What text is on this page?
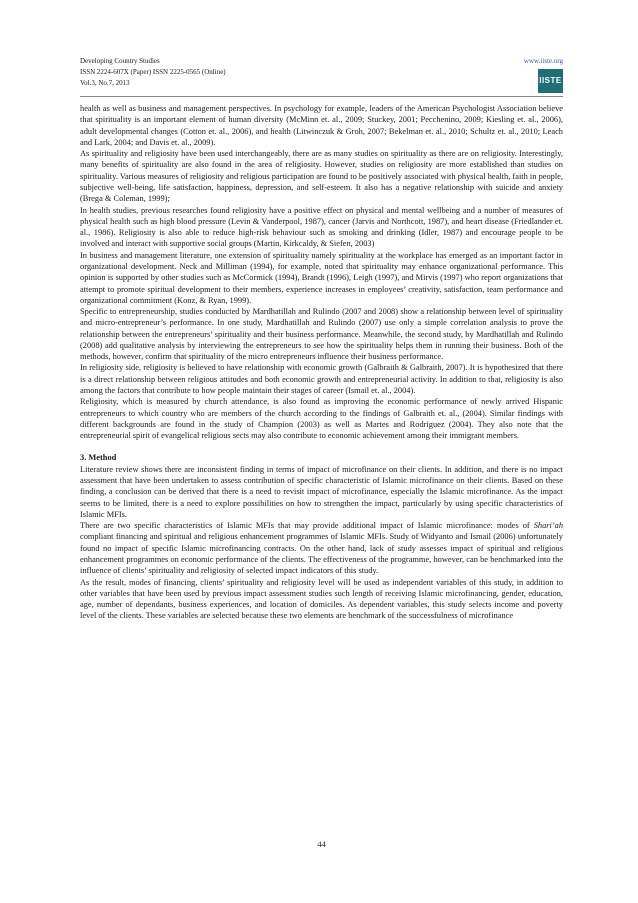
Developing Country Studies
ISSN 2224-607X (Paper) ISSN 2225-0565 (Online)
Vol.3, No.7, 2013
www.iiste.org
IISTE

health as well as business and management perspectives. In psychology for example, leaders of the American Psychologist Association believe that spirituality is an important element of human diversity (McMinn et. al., 2009; Stuckey, 2001; Pecchenino, 2009; Kiesling et. al., 2006), adult developmental changes (Cotton et. al., 2006), and health (Litwinczuk & Groh, 2007; Bekelman et. al., 2010; Schultz et. al., 2010; Leach and Lark, 2004; and Davis et. al., 2009).

As spirituality and religiosity have been used interchangeably, there are as many studies on spirituality as there are on religiosity. Interestingly, many benefits of spirituality are also found in the area of religiosity. However, studies on religiosity are more established than studies on spirituality. Various measures of religiosity and religious participation are found to be positively associated with physical health, faith in people, subjective well-being, life satisfaction, happiness, depression, and self-esteem. It also has a negative relationship with suicide and anxiety (Brega & Coleman, 1999);

In health studies, previous researches found religiosity have a positive effect on physical and mental wellbeing and a number of measures of physical health such as high blood pressure (Levin & Vanderpool, 1987), cancer (Jarvis and Northcott, 1987), and heart disease (Friedlander et. al., 1986). Religiosity is also able to reduce high-risk behaviour such as smoking and drinking (Idler, 1987) and encourage people to be involved and interact with supportive social groups (Martin, Kirkcaldy, & Siefen, 2003)

In business and management literature, one extension of spirituality namely spirituality at the workplace has emerged as an important factor in organizational development. Neck and Milliman (1994), for example, noted that spirituality may enhance organizational performance. This opinion is supported by other studies such as McCormick (1994), Brandt (1996), Leigh (1997), and Mirvis (1997) who report organizations that attempt to promote spiritual development to their members, experience increases in employees’ creativity, satisfaction, team performance and organizational commitment (Konz, & Ryan, 1999).

Specific to entrepreneurship, studies conducted by Mardhatillah and Rulindo (2007 and 2008) show a relationship between level of spirituality and micro-entrepreneur’s performance. In one study, Mardhatillah and Rulindo (2007) use only a simple correlation analysis to prove the relationship between the entrepreneurs’ spirituality and their business performance. Meanwhile, the second study, by Mardhatillah and Rulindo (2008) add qualitative analysis by interviewing the entrepreneurs to see how the spirituality helps them in running their business. Both of the methods, however, confirm that spirituality of the micro entrepreneurs influence their business performance.

In religiosity side, religiosity is believed to have relationship with economic growth (Galbraith & Galbraith, 2007). It is hypothesized that there is a direct relationship between religious attitudes and both economic growth and entrepreneurial activity. In addition to that, religiosity is also among the factors that contribute to how people maintain their stages of career (Ismail et. al., 2004).

Religiosity, which is measured by church attendance, is also found as improving the economic performance of newly arrived Hispanic entrepreneurs to which country who are members of the church according to the findings of Galbraith et. al., (2004). Similar findings with different backgrounds are found in the study of Champion (2003) as well as Martes and Rodriguez (2004). They also note that the entrepreneurial spirit of evangelical religious sects may also contribute to economic achievement among their immigrant members.

3. Method

Literature review shows there are inconsistent finding in terms of impact of microfinance on their clients. In addition, and there is no impact assessment that have been undertaken to assess contribution of specific characteristic of Islamic microfinance on their clients. Based on these finding, a conclusion can be derived that there is a need to revisit impact of microfinance, especially the Islamic microfinance. As the impact seems to be limited, there is a need to explore possibilities on how to strengthen the impact, particularly by using specific characteristics of Islamic MFIs.

There are two specific characteristics of Islamic MFIs that may provide additional impact of Islamic microfinance: modes of Shari’ah compliant financing and spiritual and religious enhancement programmes of Islamic MFIs. Study of Widyanto and Ismail (2006) unfortunately found no impact of specific Islamic microfinancing contracts. On the other hand, lack of study assesses impact of spiritual and religious enhancement programmes on economic performance of the clients. The effectiveness of the programme, however, can be benchmarked into the influence of clients’ spirituality and religiosity of selected impact indicators of this study.

As the result, modes of financing, clients’ spirituality and religiosity level will be used as independent variables of this study, in addition to other variables that have been used by previous impact assessment studies such length of receiving Islamic microfinancing, gender, education, age, number of dependants, business experiences, and location of domiciles. As dependent variables, this study selects income and poverty level of the clients. These variables are selected because these two elements are benchmark of the successfulness of microfinance

44
